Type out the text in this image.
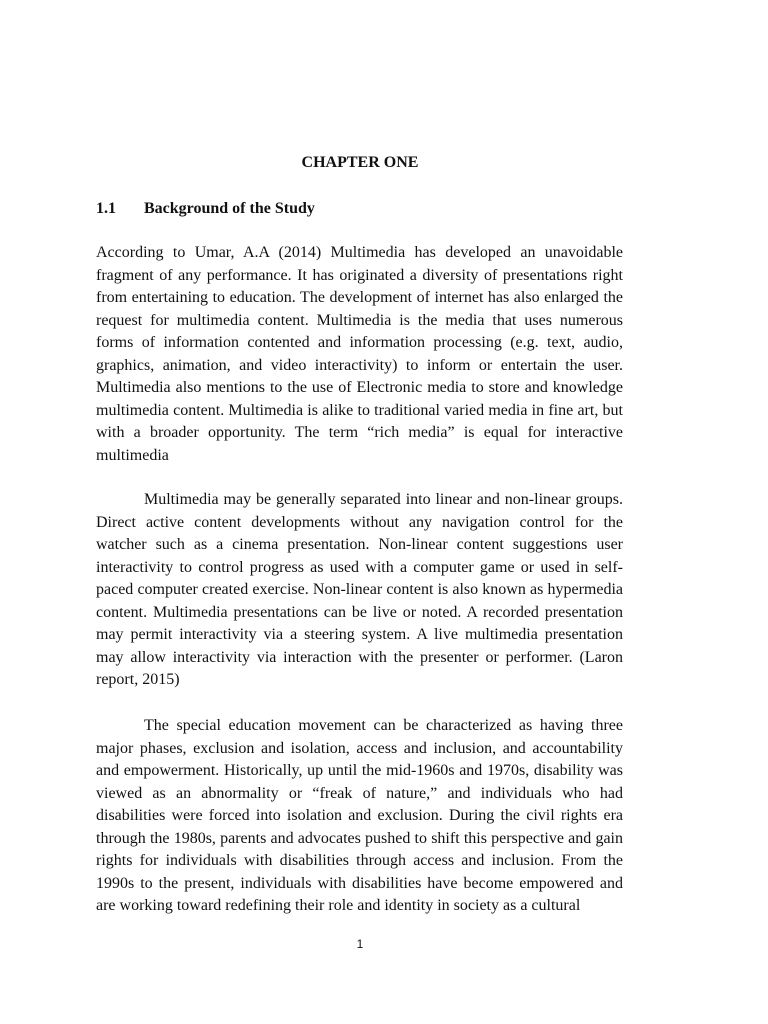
CHAPTER ONE
1.1 Background of the Study

According to Umar, A.A (2014) Multimedia has developed an unavoidable fragment of any performance. It has originated a diversity of presentations right from entertaining to education. The development of internet has also enlarged the request for multimedia content. Multimedia is the media that uses numerous forms of information contented and information processing (e.g. text, audio, graphics, animation, and video interactivity) to inform or entertain the user. Multimedia also mentions to the use of Electronic media to store and knowledge multimedia content. Multimedia is alike to traditional varied media in fine art, but with a broader opportunity. The term “rich media” is equal for interactive multimedia

Multimedia may be generally separated into linear and non-linear groups. Direct active content developments without any navigation control for the watcher such as a cinema presentation. Non-linear content suggestions user interactivity to control progress as used with a computer game or used in self-paced computer created exercise. Non-linear content is also known as hypermedia content. Multimedia presentations can be live or noted. A recorded presentation may permit interactivity via a steering system. A live multimedia presentation may allow interactivity via interaction with the presenter or performer. (Laron report, 2015)

The special education movement can be characterized as having three major phases, exclusion and isolation, access and inclusion, and accountability and empowerment. Historically, up until the mid-1960s and 1970s, disability was viewed as an abnormality or “freak of nature,” and individuals who had disabilities were forced into isolation and exclusion. During the civil rights era through the 1980s, parents and advocates pushed to shift this perspective and gain rights for individuals with disabilities through access and inclusion. From the 1990s to the present, individuals with disabilities have become empowered and are working toward redefining their role and identity in society as a cultural

1
